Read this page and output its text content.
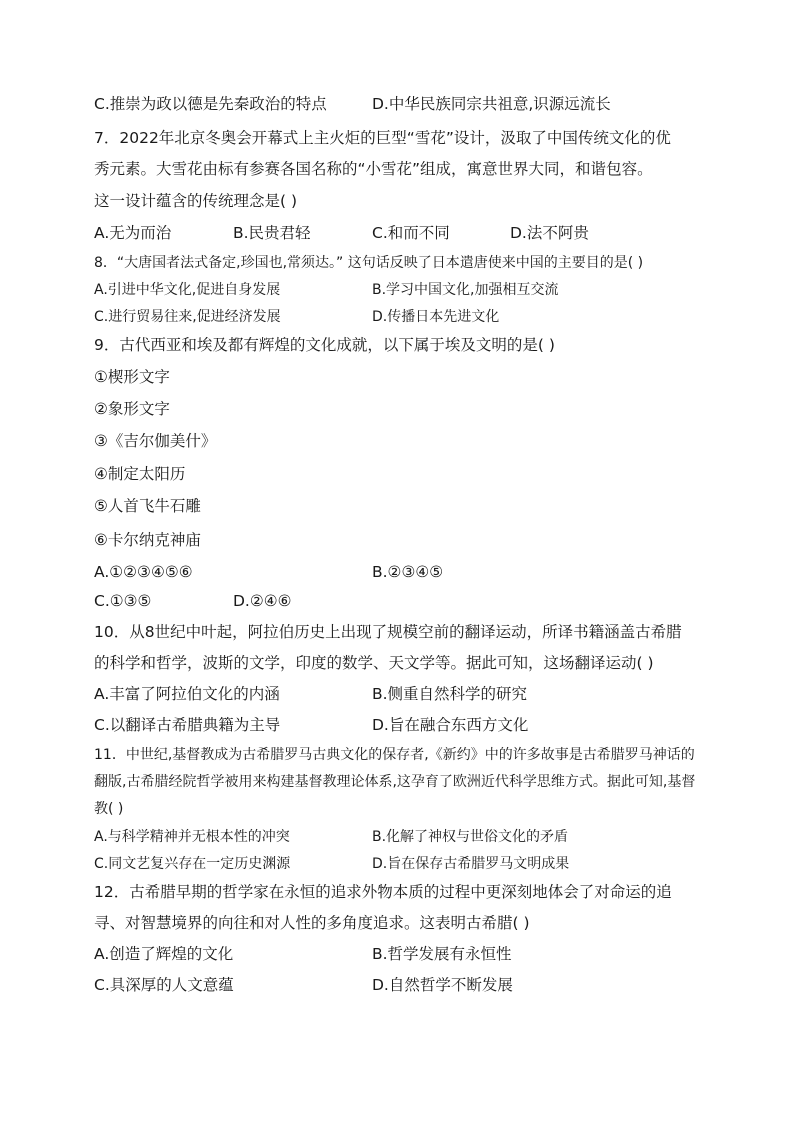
C.推崇为政以德是先秦政治的特点	D.中华民族同宗共祖意,识源远流长
7．2022年北京冬奥会开幕式上主火炬的巨型“雪花”设计，汲取了中国传统文化的优
秀元素。大雪花由标有参赛各国名称的“小雪花”组成，寓意世界大同，和谐包容。
这一设计蕴含的传统理念是( )
A.无为而治	B.民贵君轻	C.和而不同	D.法不阿贵
8．“大唐国者法式备定,珍国也,常须达。” 这句话反映了日本遣唐使来中国的主要目的是( )
A.引进中华文化,促进自身发展	B.学习中国文化,加强相互交流
C.进行贸易往来,促进经济发展	D.传播日本先进文化
9．古代西亚和埃及都有辉煌的文化成就，以下属于埃及文明的是( )
①楔形文字
②象形文字
③《吉尔伽美什》
④制定太阳历
⑤人首飞牛石雕
⑥卡尔纳克神庙
A.①②③④⑤⑥	B.②③④⑤
C.①③⑤	D.②④⑥
10．从8世纪中叶起，阿拉伯历史上出现了规模空前的翻译运动，所译书籍涵盖古希腊
的科学和哲学，波斯的文学，印度的数学、天文学等。据此可知，这场翻译运动( )
A.丰富了阿拉伯文化的内涵	B.侧重自然科学的研究
C.以翻译古希腊典籍为主导	D.旨在融合东西方文化
11．中世纪,基督教成为古希腊罗马古典文化的保存者,《新约》中的许多故事是古希腊罗马神话的
翻版,古希腊经院哲学被用来构建基督教理论体系,这孕育了欧洲近代科学思维方式。据此可知,基督
教( )
A.与科学精神并无根本性的冲突	B.化解了神权与世俗文化的矛盾
C.同文艺复兴存在一定历史渊源	D.旨在保存古希腊罗马文明成果
12．古希腊早期的哲学家在永恒的追求外物本质的过程中更深刻地体会了对命运的追
寻、对智慧境界的向往和对人性的多角度追求。这表明古希腊( )
A.创造了辉煌的文化	B.哲学发展有永恒性
C.具深厚的人文意蕴	D.自然哲学不断发展
